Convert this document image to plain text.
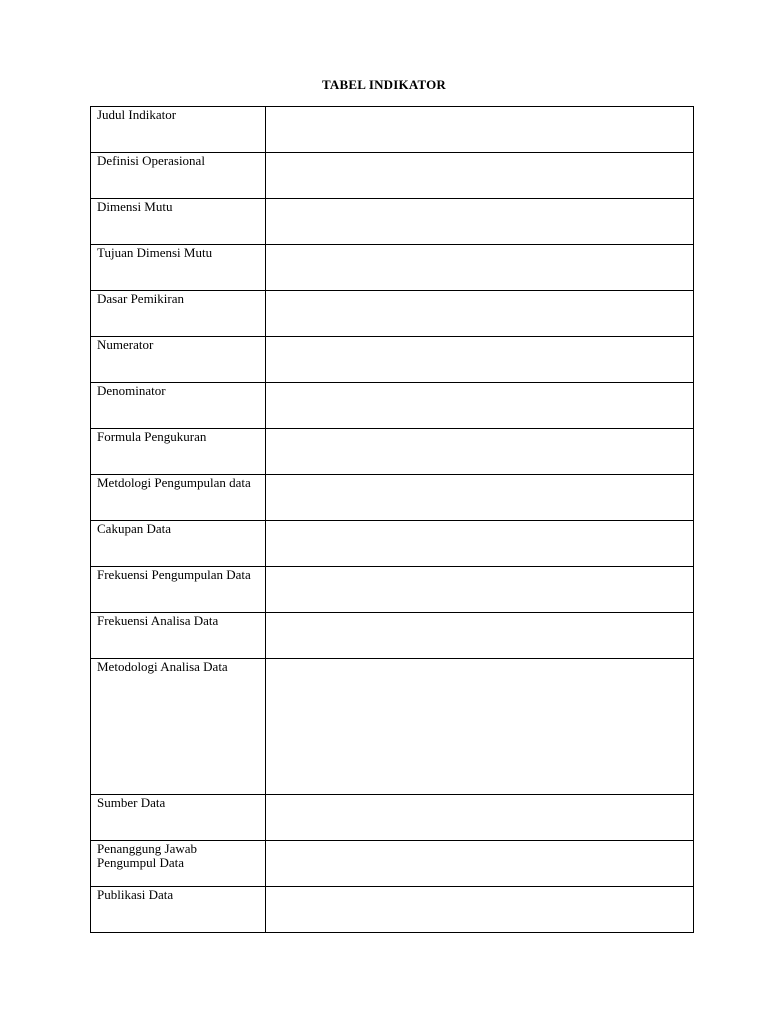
TABEL INDIKATOR
Judul Indikator	
Definisi Operasional	
Dimensi Mutu	
Tujuan Dimensi Mutu	
Dasar Pemikiran	
Numerator	
Denominator	
Formula Pengukuran	
Metdologi Pengumpulan data	
Cakupan Data	
Frekuensi Pengumpulan Data	
Frekuensi Analisa Data	
Metodologi Analisa Data	
Sumber Data	
Penanggung Jawab Pengumpul Data	
Publikasi Data	
